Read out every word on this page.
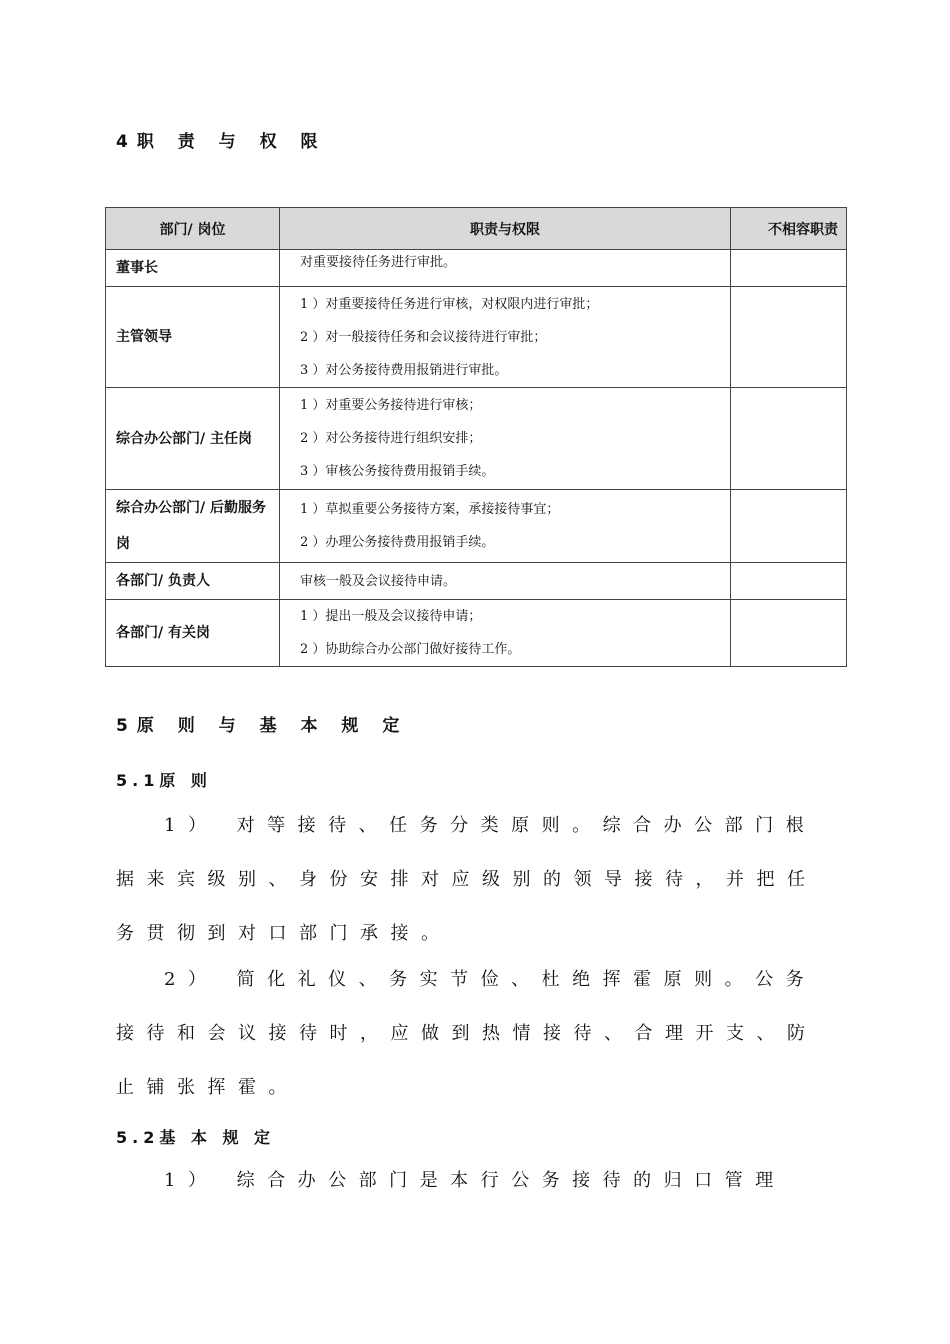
4职 责 与 权 限
部门/ 岗位	职责与权限	不相容职责
董事长	对重要接待任务进行审批。	

主管领导	1 ）对重要接待任务进行审核，对权限内进行审批；
2 ）对一般接待任务和会议接待进行审批；
3 ）对公务接待费用报销进行审批。	

综合办公部门/ 主任岗	1 ）对重要公务接待进行审核；
2 ）对公务接待进行组织安排；
3 ）审核公务接待费用报销手续。	

综合办公部门/ 后勤服务岗	1 ）草拟重要公务接待方案，承接接待事宜；
2 ）办理公务接待费用报销手续。	

各部门/ 负责人	审核一般及会议接待申请。	

各部门/ 有关岗	1 ）提出一般及会议接待申请；
2 ）协助综合办公部门做好接待工作。	

5原 则 与 基 本 规 定
5.1原 则

1） 对等接待、任务分类原则。综合办公部门根据来宾级别、身份安排对应级别的领导接待，并把任务贯彻到对口部门承接。

2） 简化礼仪、务实节俭、杜绝挥霍原则。公务接待和会议接待时，应做到热情接待、合理开支、防止铺张挥霍。

5.2基 本 规 定

1） 综合办公部门是本行公务接待的归口管理
